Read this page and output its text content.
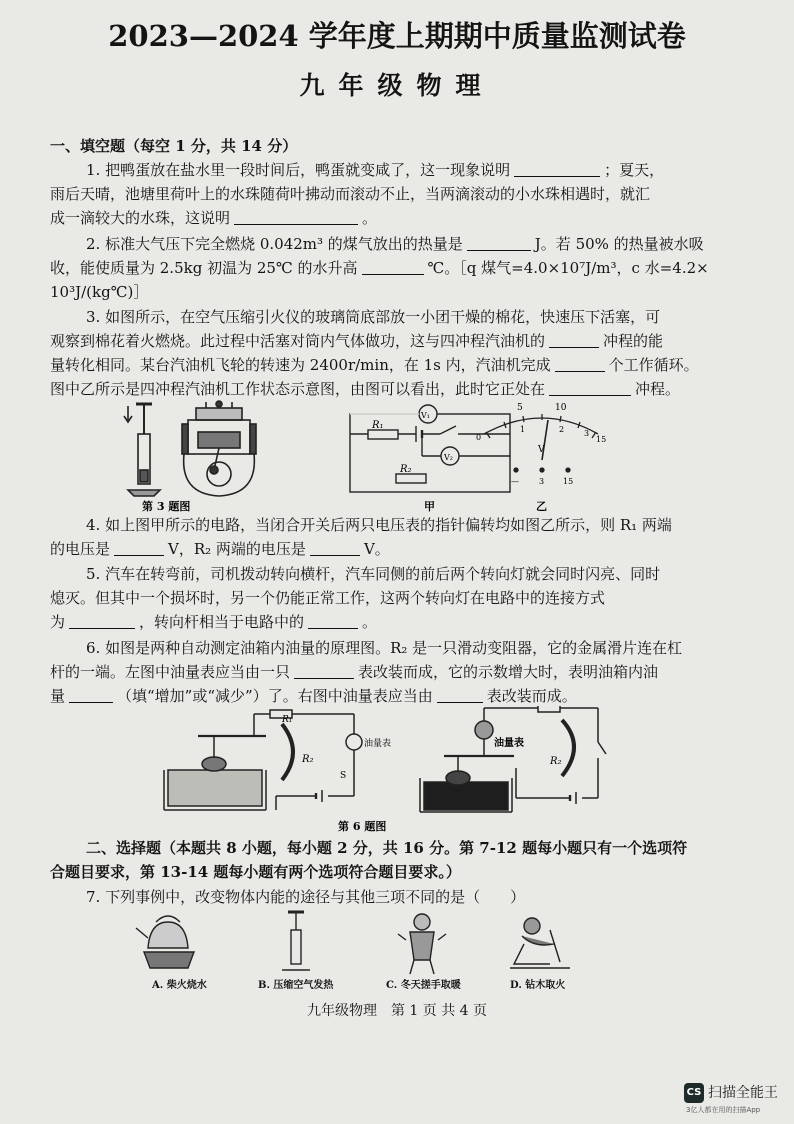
2023—2024 学年度上期期中质量监测试卷
九年级物理
一、填空题（每空 1 分，共 14 分）
1. 把鸭蛋放在盐水里一段时间后，鸭蛋就变咸了，这一现象说明	；夏天，
雨后天晴，池塘里荷叶上的水珠随荷叶拂动而滚动不止，当两滴滚动的小水珠相遇时，就汇
成一滴较大的水珠，这说明	。
2. 标准大气压下完全燃烧 0.042m³ 的煤气放出的热量是	J。若 50% 的热量被水吸
收，能使质量为 2.5kg 初温为 25℃ 的水升高	℃。［q 煤气=4.0×10⁷J/m³，c 水=4.2×
10³J/(kg℃)］
3. 如图所示，在空气压缩引火仪的玻璃筒底部放一小团干燥的棉花，快速压下活塞，可
观察到棉花着火燃烧。此过程中活塞对筒内气体做功，这与四冲程汽油机的	冲程的能
量转化相同。某台汽油机飞轮的转速为 2400r/min，在 1s 内，汽油机完成	个工作循环。
图中乙所示是四冲程汽油机工作状态示意图，由图可以看出，此时它正处在	冲程。
第 3 题图
V₁
V₂
R₁
R₂
甲
5	10
0
1	2 3
15
V
—	3 15
乙
4. 如上图甲所示的电路，当闭合开关后两只电压表的指针偏转均如图乙所示，则 R₁ 两端
的电压是	V，R₂ 两端的电压是	V。
5. 汽车在转弯前，司机拨动转向横杆，汽车同侧的前后两个转向灯就会同时闪亮、同时
熄灭。但其中一个损坏时，另一个仍能正常工作，这两个转向灯在电路中的连接方式
为	，转向杆相当于电路中的	。
6. 如图是两种自动测定油箱内油量的原理图。R₂ 是一只滑动变阻器，它的金属滑片连在杠
杆的一端。左图中油量表应当由一只	表改装而成，它的示数增大时，表明油箱内油
量	（填“增加”或“减少”）了。右图中油量表应当由	表改装而成。
R₁
R₂
油量表
S
R₂
油量表
第 6 题图
二、选择题（本题共 8 小题，每小题 2 分，共 16 分。第 7-12 题每小题只有一个选项符
合题目要求，第 13-14 题每小题有两个选项符合题目要求。）
7. 下列事例中，改变物体内能的途径与其他三项不同的是（　　）
A. 柴火烧水	B. 压缩空气发热	C. 冬天搓手取暖	D. 钻木取火
九年级物理　第 1 页 共 4 页
CS 扫描全能王
3亿人都在用的扫描App
